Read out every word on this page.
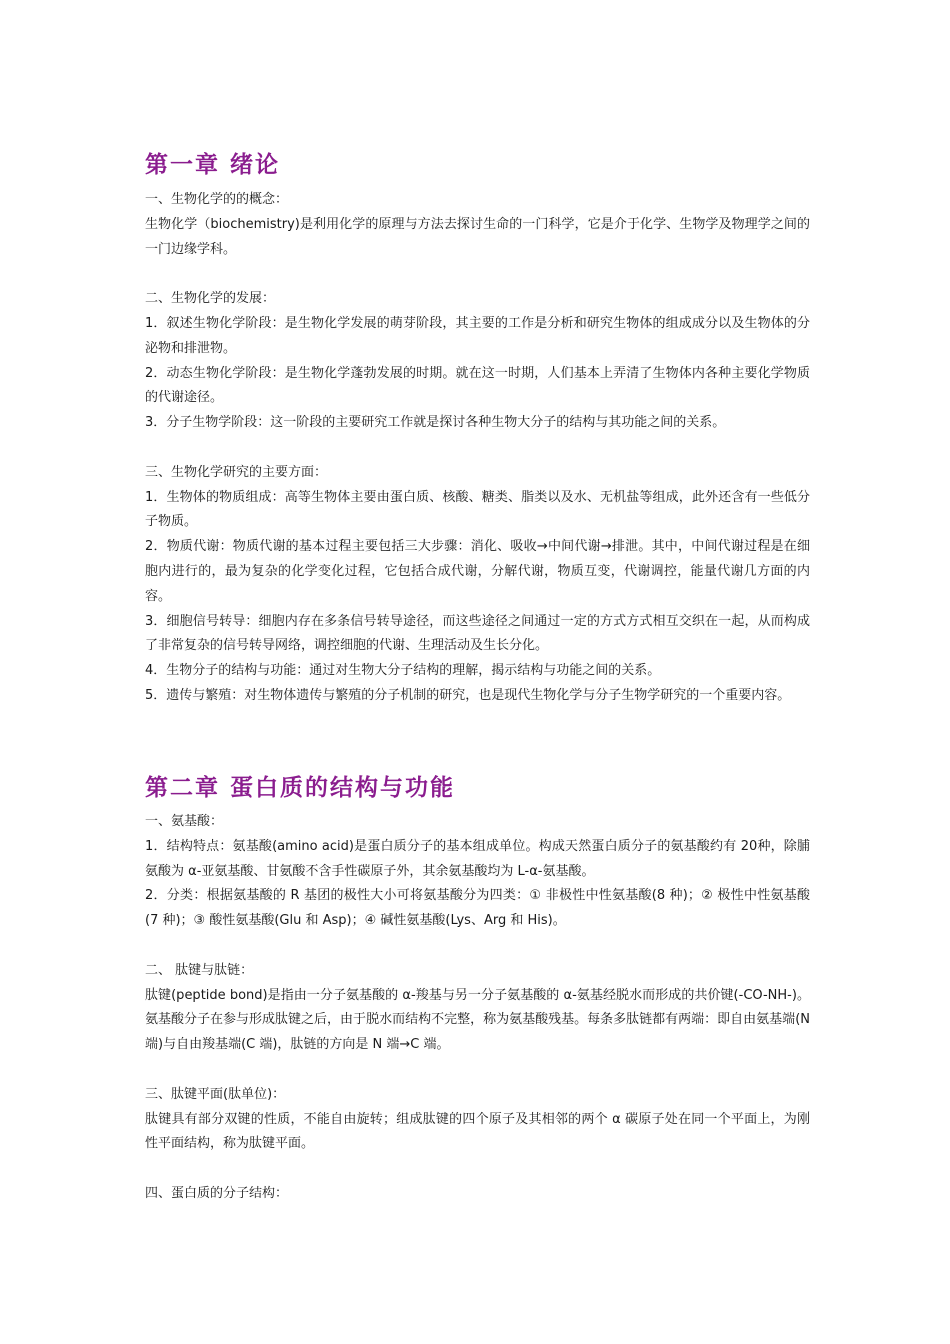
第一章 绪论

一、生物化学的的概念：

生物化学（biochemistry)是利用化学的原理与方法去探讨生命的一门科学，它是介于化学、生物学及物理学之间的一门边缘学科。

二、生物化学的发展：

1．叙述生物化学阶段：是生物化学发展的萌芽阶段，其主要的工作是分析和研究生物体的组成成分以及生物体的分泌物和排泄物。

2．动态生物化学阶段：是生物化学蓬勃发展的时期。就在这一时期，人们基本上弄清了生物体内各种主要化学物质的代谢途径。

3．分子生物学阶段：这一阶段的主要研究工作就是探讨各种生物大分子的结构与其功能之间的关系。

三、生物化学研究的主要方面：

1．生物体的物质组成：高等生物体主要由蛋白质、核酸、糖类、脂类以及水、无机盐等组成，此外还含有一些低分子物质。

2．物质代谢：物质代谢的基本过程主要包括三大步骤：消化、吸收→中间代谢→排泄。其中，中间代谢过程是在细胞内进行的，最为复杂的化学变化过程，它包括合成代谢，分解代谢，物质互变，代谢调控，能量代谢几方面的内容。

3．细胞信号转导：细胞内存在多条信号转导途径，而这些途径之间通过一定的方式方式相互交织在一起，从而构成了非常复杂的信号转导网络，调控细胞的代谢、生理活动及生长分化。

4．生物分子的结构与功能：通过对生物大分子结构的理解，揭示结构与功能之间的关系。

5．遗传与繁殖：对生物体遗传与繁殖的分子机制的研究，也是现代生物化学与分子生物学研究的一个重要内容。

第二章 蛋白质的结构与功能

一、氨基酸：

1．结构特点：氨基酸(amino acid)是蛋白质分子的基本组成单位。构成天然蛋白质分子的氨基酸约有 20种，除脯氨酸为 α-亚氨基酸、甘氨酸不含手性碳原子外，其余氨基酸均为 L-α-氨基酸。

2．分类：根据氨基酸的 R 基团的极性大小可将氨基酸分为四类：① 非极性中性氨基酸(8 种)；② 极性中性氨基酸(7 种)；③ 酸性氨基酸(Glu 和 Asp)；④ 碱性氨基酸(Lys、Arg 和 His)。

二、 肽键与肽链：

肽键(peptide bond)是指由一分子氨基酸的 α-羧基与另一分子氨基酸的 α-氨基经脱水而形成的共价键(-CO-NH-)。氨基酸分子在参与形成肽键之后，由于脱水而结构不完整，称为氨基酸残基。每条多肽链都有两端：即自由氨基端(N 端)与自由羧基端(C 端)，肽链的方向是 N 端→C 端。

三、肽键平面(肽单位)：

肽键具有部分双键的性质，不能自由旋转；组成肽键的四个原子及其相邻的两个 α 碳原子处在同一个平面上，为刚性平面结构，称为肽键平面。

四、蛋白质的分子结构：
